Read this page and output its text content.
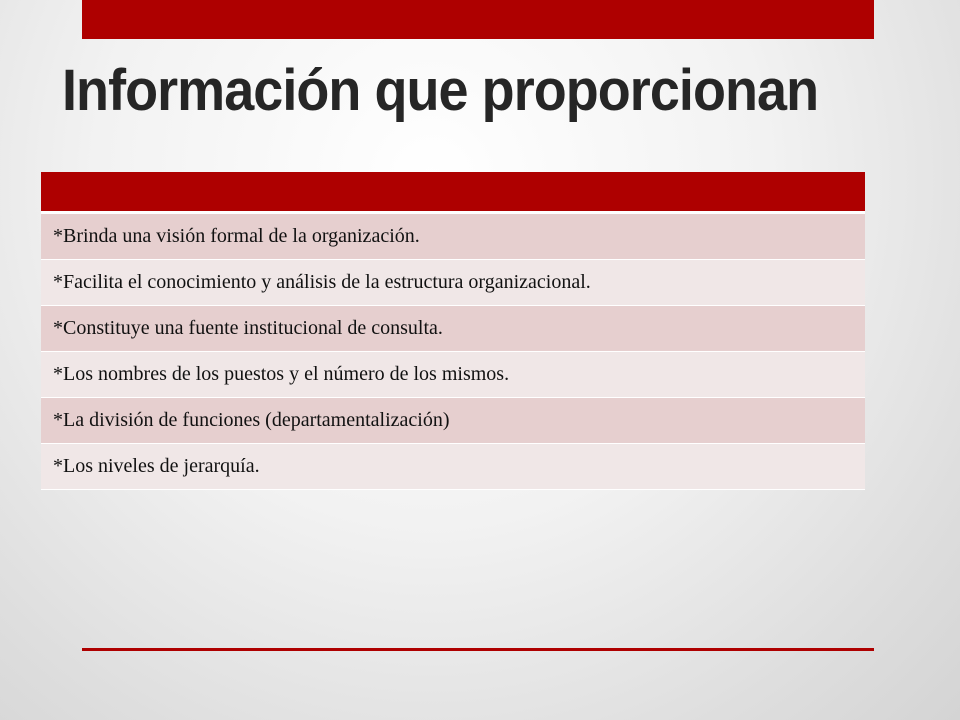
Información que proporcionan

*Brinda una visión formal de la organización.
*Facilita el conocimiento y análisis de la estructura organizacional.
*Constituye una fuente institucional de consulta.
*Los nombres de los puestos y el número de los mismos.
*La división de funciones (departamentalización)
*Los niveles de jerarquía.
